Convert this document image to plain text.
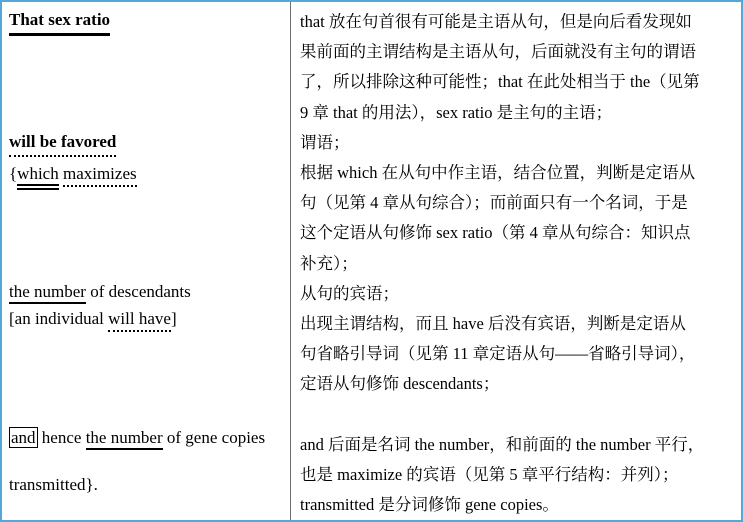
That sex ratio
will be favored
{which maximizes
the number of descendants
[an individual will have]
and hence the number of gene copies
transmitted}.
that 放在句首很有可能是主语从句，但是向后看发现如
果前面的主谓结构是主语从句，后面就没有主句的谓语
了，所以排除这种可能性；that 在此处相当于 the（见第
9 章 that 的用法），sex ratio 是主句的主语；
谓语；
根据 which 在从句中作主语，结合位置，判断是定语从
句（见第 4 章从句综合）；而前面只有一个名词，于是
这个定语从句修饰 sex ratio（第 4 章从句综合：知识点
补充）；
从句的宾语；
出现主谓结构，而且 have 后没有宾语，判断是定语从
句省略引导词（见第 11 章定语从句——省略引导词），
定语从句修饰 descendants；
and 后面是名词 the number，和前面的 the number 平行，
也是 maximize 的宾语（见第 5 章平行结构：并列）；
transmitted 是分词修饰 gene copies。
